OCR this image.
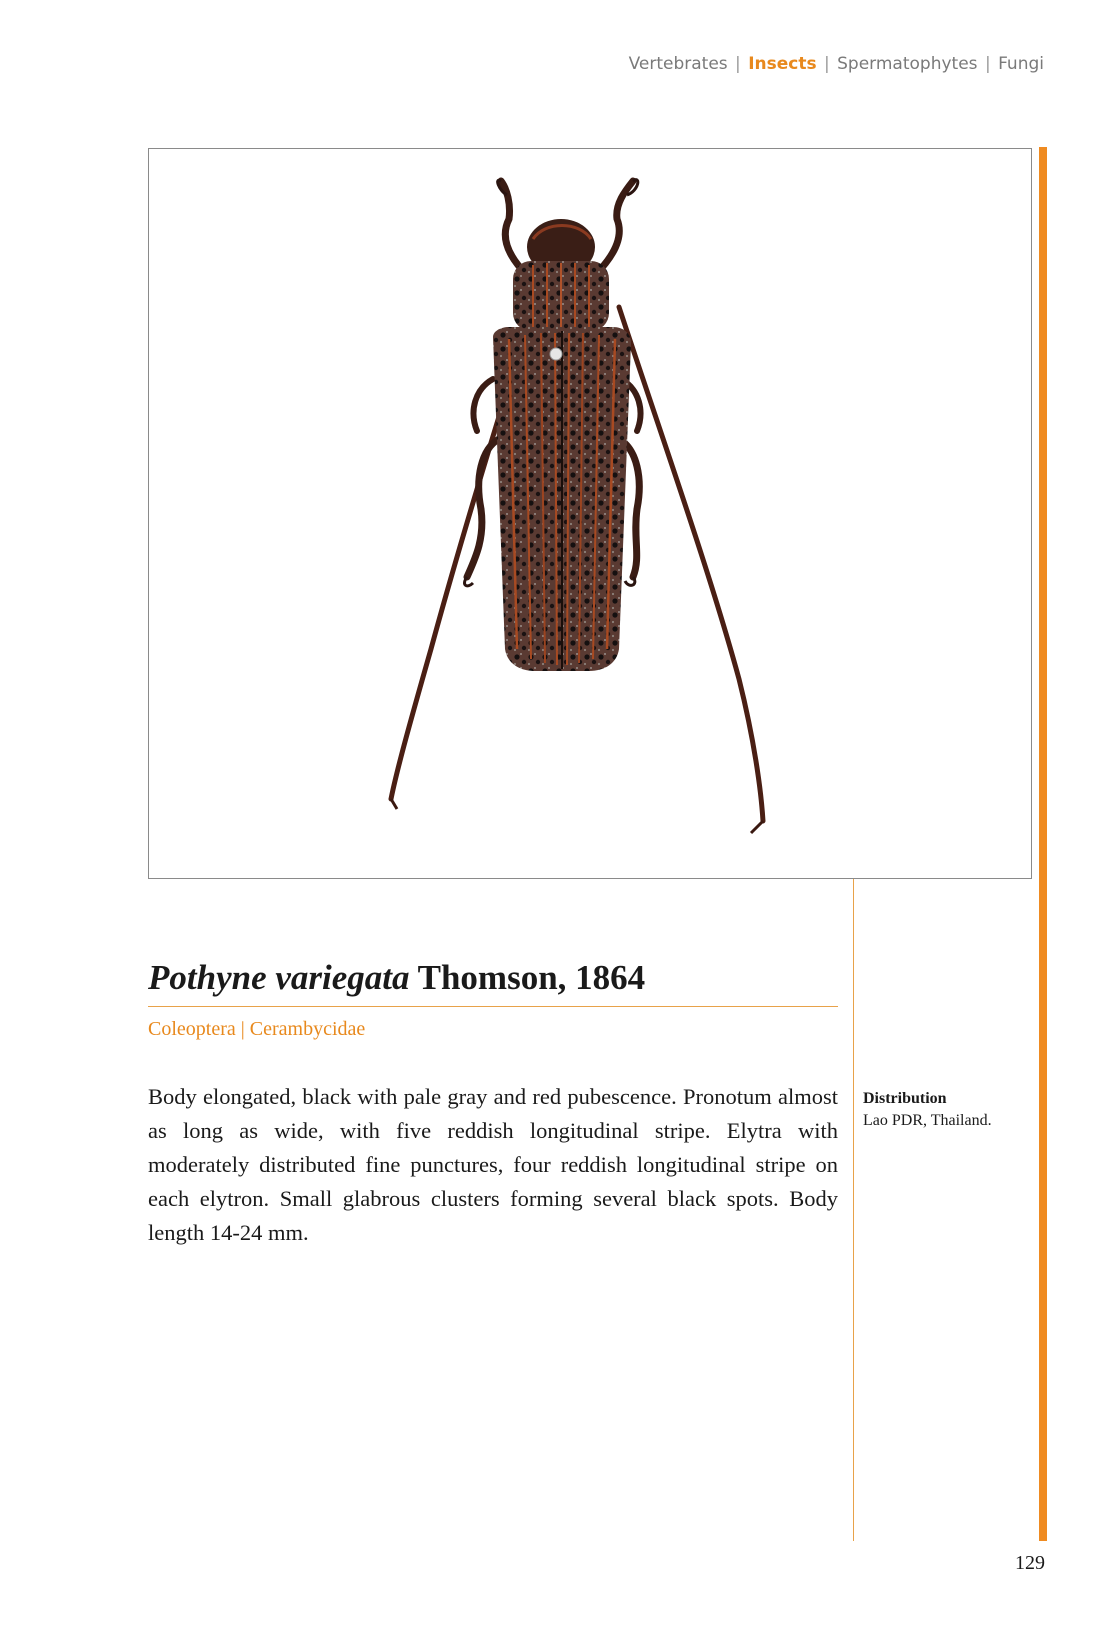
Vertebrates | Insects | Spermatophytes | Fungi
Pothyne variegata Thomson, 1864
Coleoptera | Cerambycidae
Body elongated, black with pale gray and red pubescence. Pronotum almost as long as wide, with five reddish longitudinal stripe. Elytra with moderately distributed fine punctures, four reddish longitudinal stripe on each elytron. Small glabrous clusters forming several black spots. Body length 14-24 mm.
Distribution
Lao PDR, Thailand.
129
